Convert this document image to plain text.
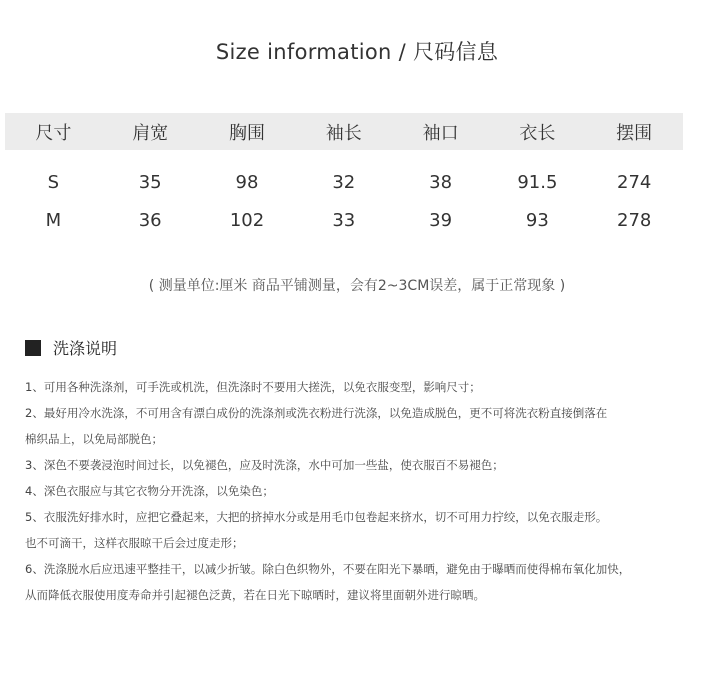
Size information / 尺码信息
尺寸	肩宽	胸围	袖长	袖口	衣长	摆围
S	35	98	32	38	91.5	274
M	36	102	33	39	93	278
( 测量单位:厘米 商品平铺测量，会有2~3CM误差，属于正常现象 )
洗涤说明
1、可用各种洗涤剂，可手洗或机洗，但洗涤时不要用大搓洗，以免衣服变型，影响尺寸；
2、最好用冷水洗涤，不可用含有漂白成份的洗涤剂或洗衣粉进行洗涤，以免造成脱色，更不可将洗衣粉直接倒落在
棉织品上，以免局部脱色；
3、深色不要袭浸泡时间过长，以免褪色，应及时洗涤，水中可加一些盐，使衣服百不易褪色；
4、深色衣服应与其它衣物分开洗涤，以免染色；
5、衣服洗好排水时，应把它叠起来，大把的挤掉水分或是用毛巾包卷起来挤水，切不可用力拧绞，以免衣服走形。
也不可滴干，这样衣服晾干后会过度走形；
6、洗涤脱水后应迅速平整挂干，以减少折皱。除白色织物外，不要在阳光下暴晒，避免由于曝晒而使得棉布氧化加快，
从而降低衣服使用度寿命并引起褪色泛黄，若在日光下晾晒时，建议将里面朝外进行晾晒。
